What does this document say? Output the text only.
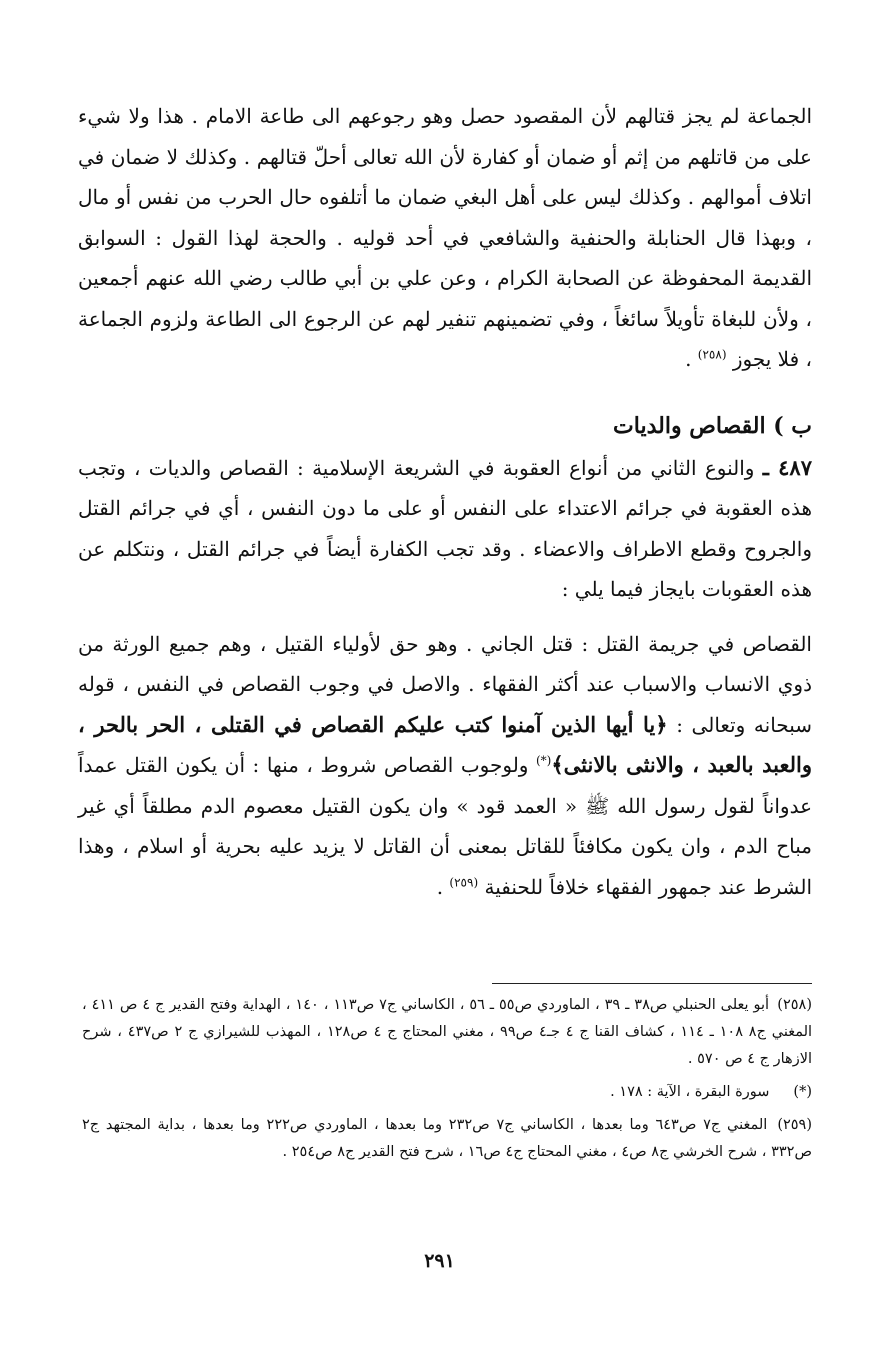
الجماعة لم يجز قتالهم لأن المقصود حصل وهو رجوعهم الى طاعة الامام . هذا ولا شيء على من قاتلهم من إثم أو ضمان أو كفارة لأن الله تعالى أحلّ قتالهم . وكذلك لا ضمان في اتلاف أموالهم . وكذلك ليس على أهل البغي ضمان ما أتلفوه حال الحرب من نفس أو مال ، وبهذا قال الحنابلة والحنفية والشافعي في أحد قوليه . والحجة لهذا القول : السوابق القديمة المحفوظة عن الصحابة الكرام ، وعن علي بن أبي طالب رضي الله عنهم أجمعين ، ولأن للبغاة تأويلاً سائغاً ، وفي تضمينهم تنفير لهم عن الرجوع الى الطاعة ولزوم الجماعة ، فلا يجوز $^{(٢٥٨)}$ .

ب ) القصاص والديات

٤٨٧ ـ والنوع الثاني من أنواع العقوبة في الشريعة الإسلامية : القصاص والديات ، وتجب هذه العقوبة في جرائم الاعتداء على النفس أو على ما دون النفس ، أي في جرائم القتل والجروح وقطع الاطراف والاعضاء . وقد تجب الكفارة أيضاً في جرائم القتل ، ونتكلم عن هذه العقوبات بايجاز فيما يلي :

القصاص في جريمة القتل : قتل الجاني . وهو حق لأولياء القتيل ، وهم جميع الورثة من ذوي الانساب والاسباب عند أكثر الفقهاء . والاصل في وجوب القصاص في النفس ، قوله سبحانه وتعالى : ﴿يا أيها الذين آمنوا كتب عليكم القصاص في القتلى ، الحر بالحر ، والعبد بالعبد ، والانثى بالانثى﴾(*) ولوجوب القصاص شروط ، منها : أن يكون القتل عمداً عدواناً لقول رسول الله ﷺ « العمد قود » وان يكون القتيل معصوم الدم مطلقاً أي غير مباح الدم ، وان يكون مكافئاً للقاتل بمعنى أن القاتل لا يزيد عليه بحرية أو اسلام ، وهذا الشرط عند جمهور الفقهاء خلافاً للحنفية $^{(٢٥٩)}$ .

(٢٥٨) أبو يعلى الحنبلي ص٣٨ ـ ٣٩ ، الماوردي ص٥٥ ـ ٥٦ ، الكاساني ج٧ ص١١٣ ، ١٤٠ ، الهداية وفتح القدير ج ٤ ص ٤١١ ، المغني ج٨ ١٠٨ ـ ١١٤ ، كشاف القنا ج ٤ جـ٤ ص٩٩ ، مغني المحتاج ج ٤ ص١٢٨ ، المهذب للشيرازي ج ٢ ص٤٣٧ ، شرح الازهار ج ٤ ص ٥٧٠ .

(*) سورة البقرة ، الآية : ١٧٨ .

(٢٥٩) المغني ج٧ ص٦٤٣ وما بعدها ، الكاساني ج٧ ص٢٣٢ وما بعدها ، الماوردي ص٢٢٢ وما بعدها ، بداية المجتهد ج٢ ص٣٣٢ ، شرح الخرشي ج٨ ص٤ ، مغني المحتاج ج٤ ص١٦ ، شرح فتح القدير ج٨ ص٢٥٤ .

٢٩١
